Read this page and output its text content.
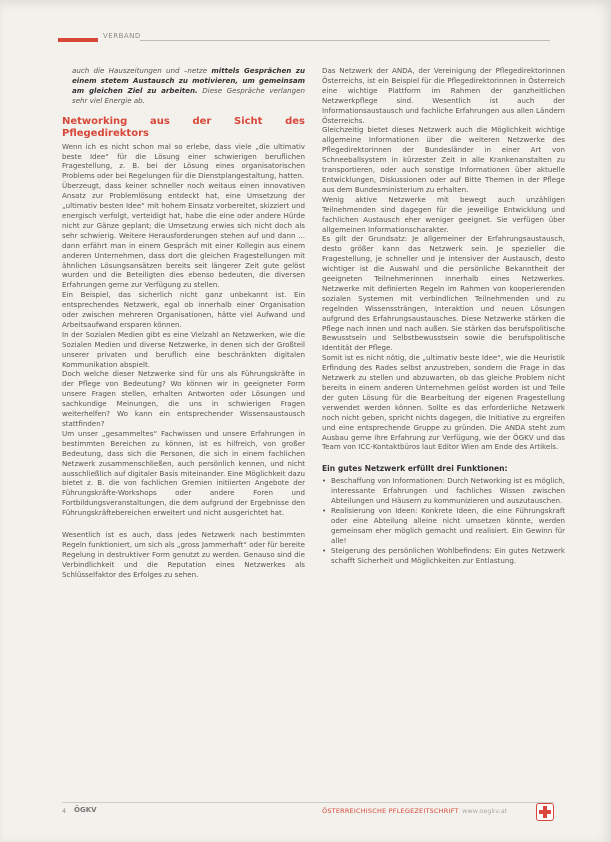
VERBAND

auch die Hauszeitungen und –netze mittels Gesprächen zu einem stetem Austausch zu motivieren, um gemeinsam am gleichen Ziel zu arbeiten. Diese Gespräche verlangen sehr viel Energie ab.

Networking aus der Sicht des Pflegedirektors

Wenn ich es nicht schon mal so erlebe, dass viele „die ultimativ beste Idee“ für die Lösung einer schwierigen beruflichen Fragestellung, z. B. bei der Lösung eines organisatorischen Problems oder bei Regelungen für die Dienstplangestaltung, hatten.

Überzeugt, dass keiner schneller noch weitaus einen innovativen Ansatz zur Problemlösung entdeckt hat, eine Umsetzung der „ultimativ besten Idee“ mit hohem Einsatz vorbereitet, skizziert und energisch verfolgt, verteidigt hat, habe die eine oder andere Hürde nicht zur Gänze geplant; die Umsetzung erwies sich nicht doch als sehr schwierig. Weitere Herausforderungen stehen auf und dann ... dann erfährt man in einem Gespräch mit einer Kollegin aus einem anderen Unternehmen, dass dort die gleichen Fragestellungen mit ähnlichen Lösungsansätzen bereits seit längerer Zeit gute gelöst wurden und die Beteiligten dies ebenso bedeuten, die diversen Erfahrungen gerne zur Verfügung zu stellen.

Ein Beispiel, das sicherlich nicht ganz unbekannt ist. Ein entsprechendes Netzwerk, egal ob innerhalb einer Organisation oder zwischen mehreren Organisationen, hätte viel Aufwand und Arbeitsaufwand ersparen können.

In der Sozialen Medien gibt es eine Vielzahl an Netzwerken, wie die Sozialen Medien und diverse Netzwerke, in denen sich der Großteil unserer privaten und beruflich eine beschränkten digitalen Kommunikation abspielt.

Doch welche dieser Netzwerke sind für uns als Führungskräfte in der Pflege von Bedeutung? Wo können wir in geeigneter Form unsere Fragen stellen, erhalten Antworten oder Lösungen und sachkundige Meinungen, die uns in schwierigen Fragen weiterhelfen? Wo kann ein entsprechender Wissensaustausch stattfinden?

Um unser „gesammeltes“ Fachwissen und unsere Erfahrungen in bestimmten Bereichen zu können, ist es hilfreich, von großer Bedeutung, dass sich die Personen, die sich in einem fachlichen Netzwerk zusammenschließen, auch persönlich kennen, und nicht ausschließlich auf digitaler Basis miteinander. Eine Möglichkeit dazu bietet z. B. die von fachlichen Gremien initiierten Angebote der Führungskräfte-Workshops oder andere Foren und Fortbildungsveranstaltungen, die dem aufgrund der Ergebnisse den Führungskräftebereichen erweitert und nicht ausgerichtet hat.

Wesentlich ist es auch, dass jedes Netzwerk nach bestimmten Regeln funktioniert, um sich als „gross Jammerhaft“ oder für bereite Regelung in destruktiver Form genutzt zu werden. Genauso sind die Verbindlichkeit und die Reputation eines Netzwerkes als Schlüsselfaktor des Erfolges zu sehen.

Das Netzwerk der ANDA, der Vereinigung der Pflegedirektorinnen Österreichs, ist ein Beispiel für die Pflegedirektorinnen in Österreich eine wichtige Plattform im Rahmen der ganzheitlichen Netzwerkpflege sind. Wesentlich ist auch der Informationsaustausch und fachliche Erfahrungen aus allen Ländern Österreichs.

Gleichzeitig bietet dieses Netzwerk auch die Möglichkeit wichtige allgemeine Informationen über die weiteren Netzwerke des Pflegedirektorinnen der Bundesländer in einer Art von Schneeballsystem in kürzester Zeit in alle Krankenanstalten zu transportieren, oder auch sonstige Informationen über aktuelle Entwicklungen, Diskussionen oder auf Bitte Themen in der Pflege aus dem Bundesministerium zu erhalten.

Wenig aktive Netzwerke mit bewegt auch unzähligen Teilnehmenden sind dagegen für die jeweilige Entwicklung und fachlichen Austausch eher weniger geeignet. Sie verfügen über allgemeinen Informationscharakter.

Es gilt der Grundsatz: Je allgemeiner der Erfahrungsaustausch, desto größer kann das Netzwerk sein. Je spezieller die Fragestellung, je schneller und je intensiver der Austausch, desto wichtiger ist die Auswahl und die persönliche Bekanntheit der geeigneten Teilnehmerinnen innerhalb eines Netzwerkes. Netzwerke mit definierten Regeln im Rahmen von kooperierenden sozialen Systemen mit verbindlichen Teilnehmenden und zu regelnden Wissenssträngen, Interaktion und neuen Lösungen aufgrund des Erfahrungsaustausches. Diese Netzwerke stärken die Pflege nach innen und nach außen. Sie stärken das berufspolitische Bewusstsein und Selbstbewusstsein sowie die berufspolitische Identität der Pflege.

Somit ist es nicht nötig, die „ultimativ beste Idee“, wie die Heuristik Erfindung des Rades selbst anzustreben, sondern die Frage in das Netzwerk zu stellen und abzuwarten, ob das gleiche Problem nicht bereits in einem anderen Unternehmen gelöst worden ist und Teile der guten Lösung für die Bearbeitung der eigenen Fragestellung verwendet werden können. Sollte es das erforderliche Netzwerk noch nicht geben, spricht nichts dagegen, die Initiative zu ergreifen und eine entsprechende Gruppe zu gründen. Die ANDA steht zum Ausbau gerne ihre Erfahrung zur Verfügung, wie der ÖGKV und das Team von ICC-Kontaktbüros laut Editor Wien am Ende des Artikels.

Ein gutes Netzwerk erfüllt drei Funktionen:
• Beschaffung von Informationen: Durch Networking ist es möglich, interessante Erfahrungen und fachliches Wissen zwischen Abteilungen und Häusern zu kommunizieren und auszutauschen.
• Realisierung von Ideen: Konkrete Ideen, die eine Führungskraft oder eine Abteilung alleine nicht umsetzen könnte, werden gemeinsam eher möglich gemacht und realisiert. Ein Gewinn für alle!
• Steigerung des persönlichen Wohlbefindens: Ein gutes Netzwerk schafft Sicherheit und Möglichkeiten zur Entlastung.
4 ÖGKV	ÖSTERREICHISCHE PFLEGEZEITSCHRIFT www.oegkv.at
